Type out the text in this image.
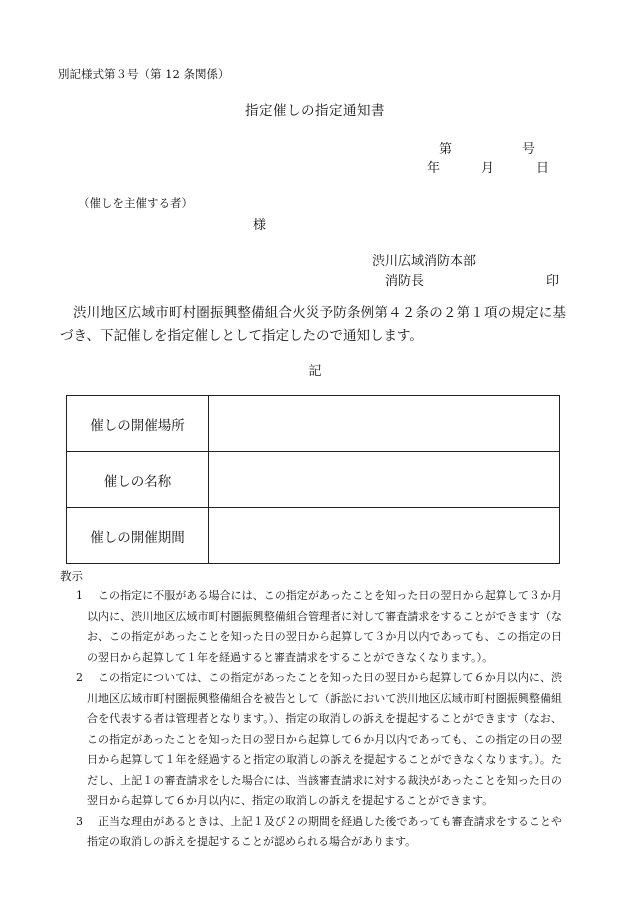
別記様式第３号（第 12 条関係）
指定催しの指定通知書
第	号
年	月	日
（催しを主催する者）
様
渋川広域消防本部
消防長	印
渋川地区広域市町村圏振興整備組合火災予防条例第４２条の２第１項の規定に基づき、下記催しを指定催しとして指定したので通知します。
記
催しの開催場所	
催しの名称	
催しの開催期間	
教示
1	この指定に不服がある場合には、この指定があったことを知った日の翌日から起算して３か月以内に、渋川地区広域市町村圏振興整備組合管理者に対して審査請求をすることができます（なお、この指定があったことを知った日の翌日から起算して３か月以内であっても、この指定の日の翌日から起算して１年を経過すると審査請求をすることができなくなります。）。
2	この指定については、この指定があったことを知った日の翌日から起算して６か月以内に、渋川地区広域市町村圏振興整備組合を被告として（訴訟において渋川地区広域市町村圏振興整備組合を代表する者は管理者となります。）、指定の取消しの訴えを提起することができます（なお、この指定があったことを知った日の翌日から起算して６か月以内であっても、この指定の日の翌日から起算して１年を経過すると指定の取消しの訴えを提起することができなくなります。）。ただし、上記１の審査請求をした場合には、当該審査請求に対する裁決があったことを知った日の翌日から起算して６か月以内に、指定の取消しの訴えを提起することができます。
3	正当な理由があるときは、上記１及び２の期間を経過した後であっても審査請求をすることや指定の取消しの訴えを提起することが認められる場合があります。
